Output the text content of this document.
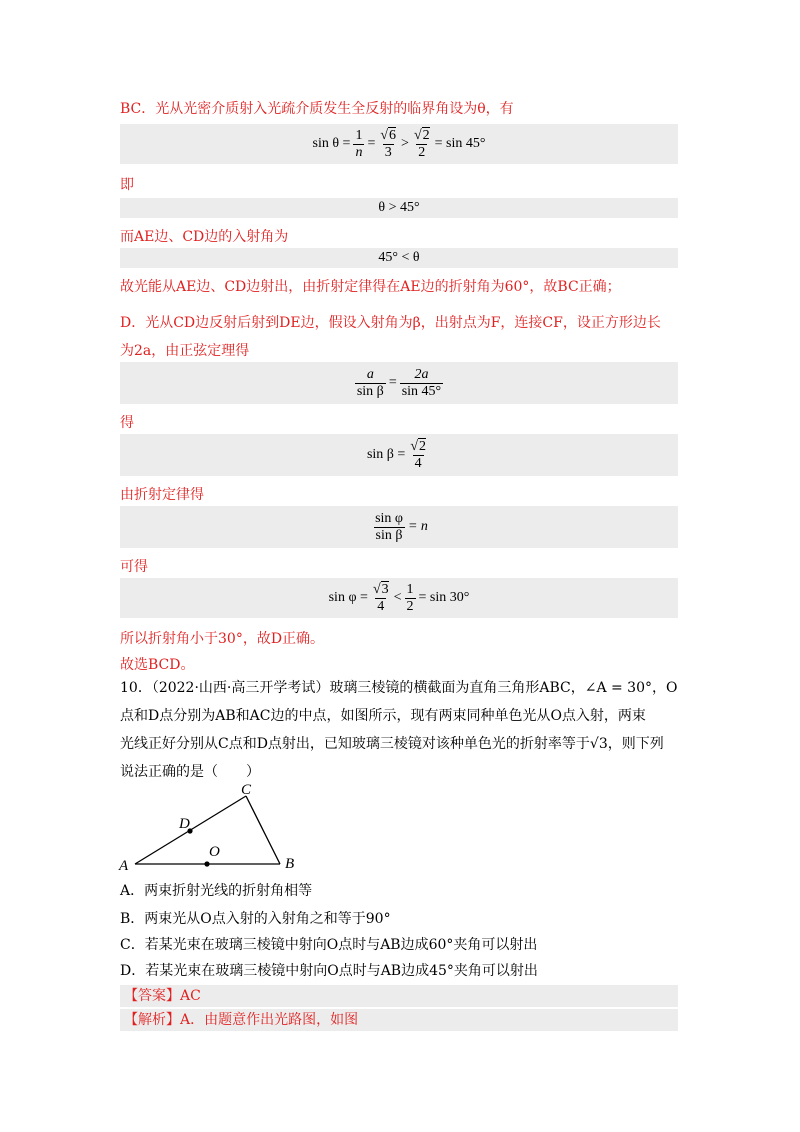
BC．光从光密介质射入光疏介质发生全反射的临界角设为θ，有
$\sin \theta = \frac{1}{n} = \frac{√6}{3} > \frac{√2}{2} = \sin 45^\circ$
即
θ > 45°
而AE边、CD边的入射角为
45° < θ
故光能从AE边、CD边射出，由折射定律得在AE边的折射角为60°，故BC正确；
D．光从CD边反射后射到DE边，假设入射角为β，出射点为F，连接CF，设正方形边长
为2a，由正弦定理得
$\frac{a}{\text{sin β}} = \frac{2a}{\sin 45^\circ}$
得
$\sin \beta = \frac{√2}{4}$
由折射定律得
$\frac{\text{sin φ}}{\text{sin β}} = n$
可得
$\sin \varphi = \frac{√3}{4} < \frac{1}{2} = \sin 30^\circ$
所以折射角小于30°，故D正确。
故选BCD。
10．（2022·山西·高三开学考试）玻璃三棱镜的横截面为直角三角形ABC，∠A = 30°，O
点和D点分别为AB和AC边的中点，如图所示，现有两束同种单色光从O点入射，两束
光线正好分别从C点和D点射出，已知玻璃三棱镜对该种单色光的折射率等于√3，则下列
说法正确的是（　　）
A	B
C
D
O
A．两束折射光线的折射角相等
B．两束光从O点入射的入射角之和等于90°
C．若某光束在玻璃三棱镜中射向O点时与AB边成60°夹角可以射出
D．若某光束在玻璃三棱镜中射向O点时与AB边成45°夹角可以射出
【答案】AC
【解析】A．由题意作出光路图，如图
